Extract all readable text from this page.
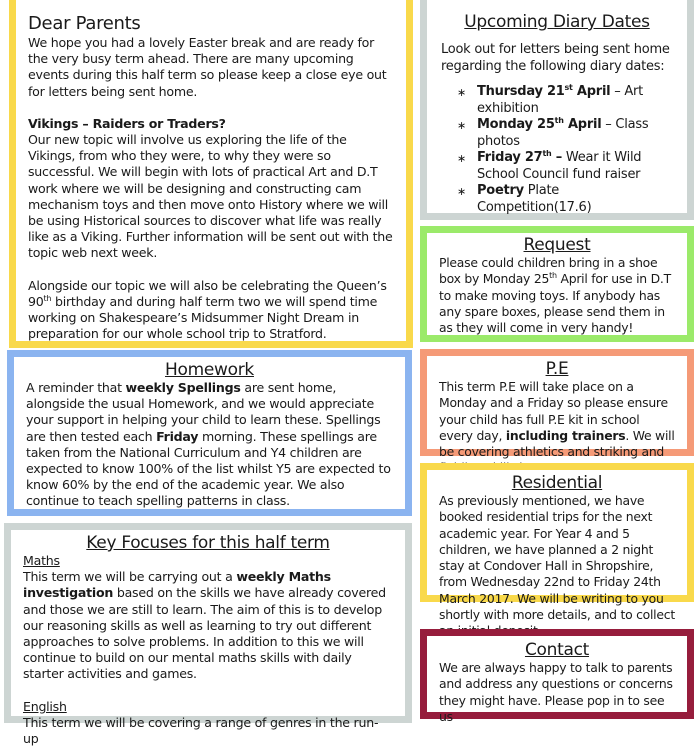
Dear Parents

We hope you had a lovely Easter break and are ready for the very busy term ahead. There are many upcoming events during this half term so please keep a close eye out for letters being sent home.

Vikings – Raiders or Traders?

Our new topic will involve us exploring the life of the Vikings, from who they were, to why they were so successful. We will begin with lots of practical Art and D.T work where we will be designing and constructing cam mechanism toys and then move onto History where we will be using Historical sources to discover what life was really like as a Viking. Further information will be sent out with the topic web next week.

Alongside our topic we will also be celebrating the Queen’s 90th birthday and during half term two we will spend time working on Shakespeare’s Midsummer Night Dream in preparation for our whole school trip to Stratford.

Upcoming Diary Dates

Look out for letters being sent home regarding the following diary dates:

∗ Thursday 21st April – Art exhibition
∗ Monday 25th April – Class photos
∗ Friday 27th – Wear it Wild School Council fund raiser
∗ Poetry Plate Competition(17.6)
Request

Please could children bring in a shoe box by Monday 25th April for use in D.T to make moving toys. If anybody has any spare boxes, please send them in as they will come in very handy!

P.E

This term P.E will take place on a Monday and a Friday so please ensure your child has full P.E kit in school every day, including trainers. We will be covering athletics and striking and

Residential

As previously mentioned, we have booked residential trips for the next academic year. For Year 4 and 5 children, we have planned a 2 night stay at Condover Hall in Shropshire, from Wednesday 22nd to Friday 24th March 2017. We will be writing to you shortly with more details, and to collect

Contact

We are always happy to talk to parents and address any questions or concerns they might have. Please pop in to see us

Homework

A reminder that weekly Spellings are sent home, alongside the usual Homework, and we would appreciate your support in helping your child to learn these. Spellings are then tested each Friday morning. These spellings are taken from the National Curriculum and Y4 children are expected to know 100% of the list whilst Y5 are expected to know 60% by the end of the academic year. We also continue to teach spelling patterns in class.

Key Focuses for this half term

Maths

This term we will be carrying out a weekly Maths investigation based on the skills we have already covered and those we are still to learn. The aim of this is to develop our reasoning skills as well as learning to try out different approaches to solve problems. In addition to this we will continue to build on our mental maths skills with daily starter activities and games.

English

This term we will be covering a range of genres in the run-up
